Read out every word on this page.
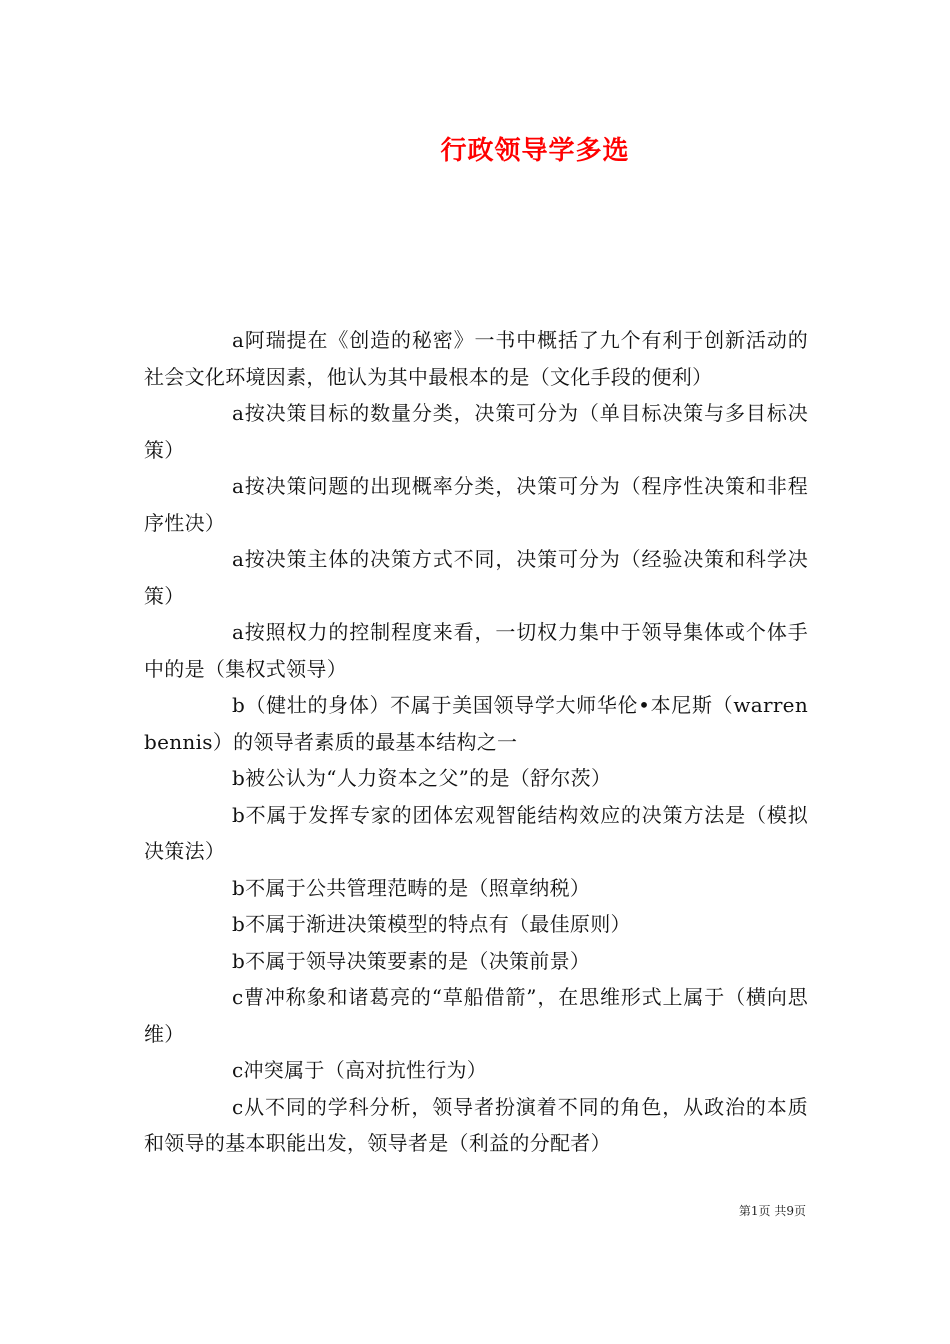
行政领导学多选

a阿瑞提在《创造的秘密》一书中概括了九个有利于创新活动的社会文化环境因素，他认为其中最根本的是（文化手段的便利）

a按决策目标的数量分类，决策可分为（单目标决策与多目标决策）

a按决策问题的出现概率分类，决策可分为（程序性决策和非程序性决）

a按决策主体的决策方式不同，决策可分为（经验决策和科学决策）

a按照权力的控制程度来看，一切权力集中于领导集体或个体手中的是（集权式领导）

b（健壮的身体）不属于美国领导学大师华伦•本尼斯（warrenbennis）的领导者素质的最基本结构之一

b被公认为“人力资本之父”的是（舒尔茨）

b不属于发挥专家的团体宏观智能结构效应的决策方法是（模拟决策法）

b不属于公共管理范畴的是（照章纳税）

b不属于渐进决策模型的特点有（最佳原则）

b不属于领导决策要素的是（决策前景）

c曹冲称象和诸葛亮的“草船借箭”，在思维形式上属于（横向思维）

c冲突属于（高对抗性行为）

c从不同的学科分析，领导者扮演着不同的角色，从政治的本质和领导的基本职能出发，领导者是（利益的分配者）

第1页 共9页
